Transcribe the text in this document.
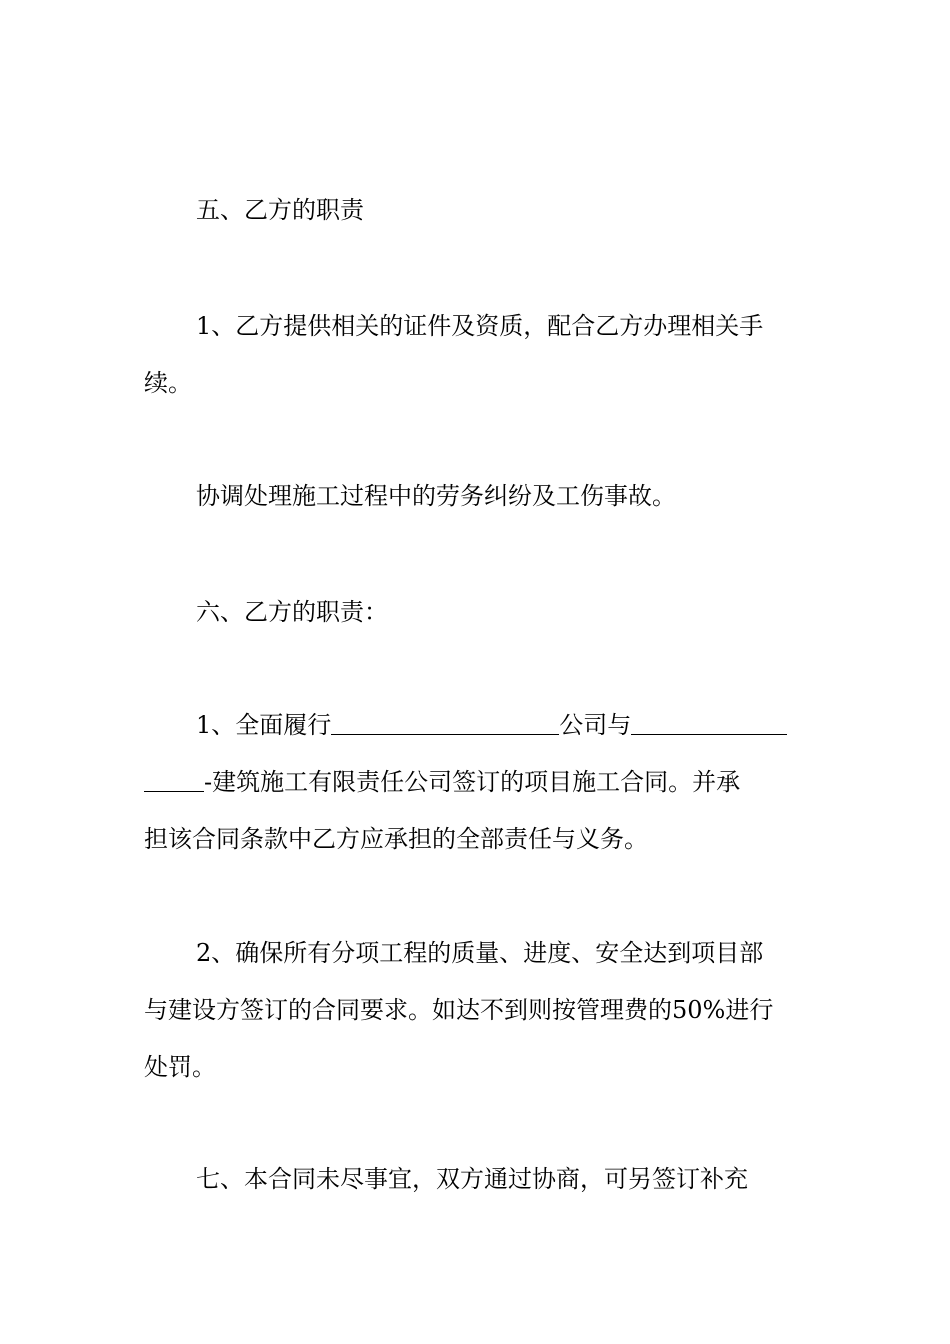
五、乙方的职责

1、乙方提供相关的证件及资质，配合乙方办理相关手
续。

协调处理施工过程中的劳务纠纷及工伤事故。

六、乙方的职责：

1、全面履行	公司与
-建筑施工有限责任公司签订的项目施工合同。并承
担该合同条款中乙方应承担的全部责任与义务。

2、确保所有分项工程的质量、进度、安全达到项目部
与建设方签订的合同要求。如达不到则按管理费的50%进行
处罚。

七、本合同未尽事宜，双方通过协商，可另签订补充
